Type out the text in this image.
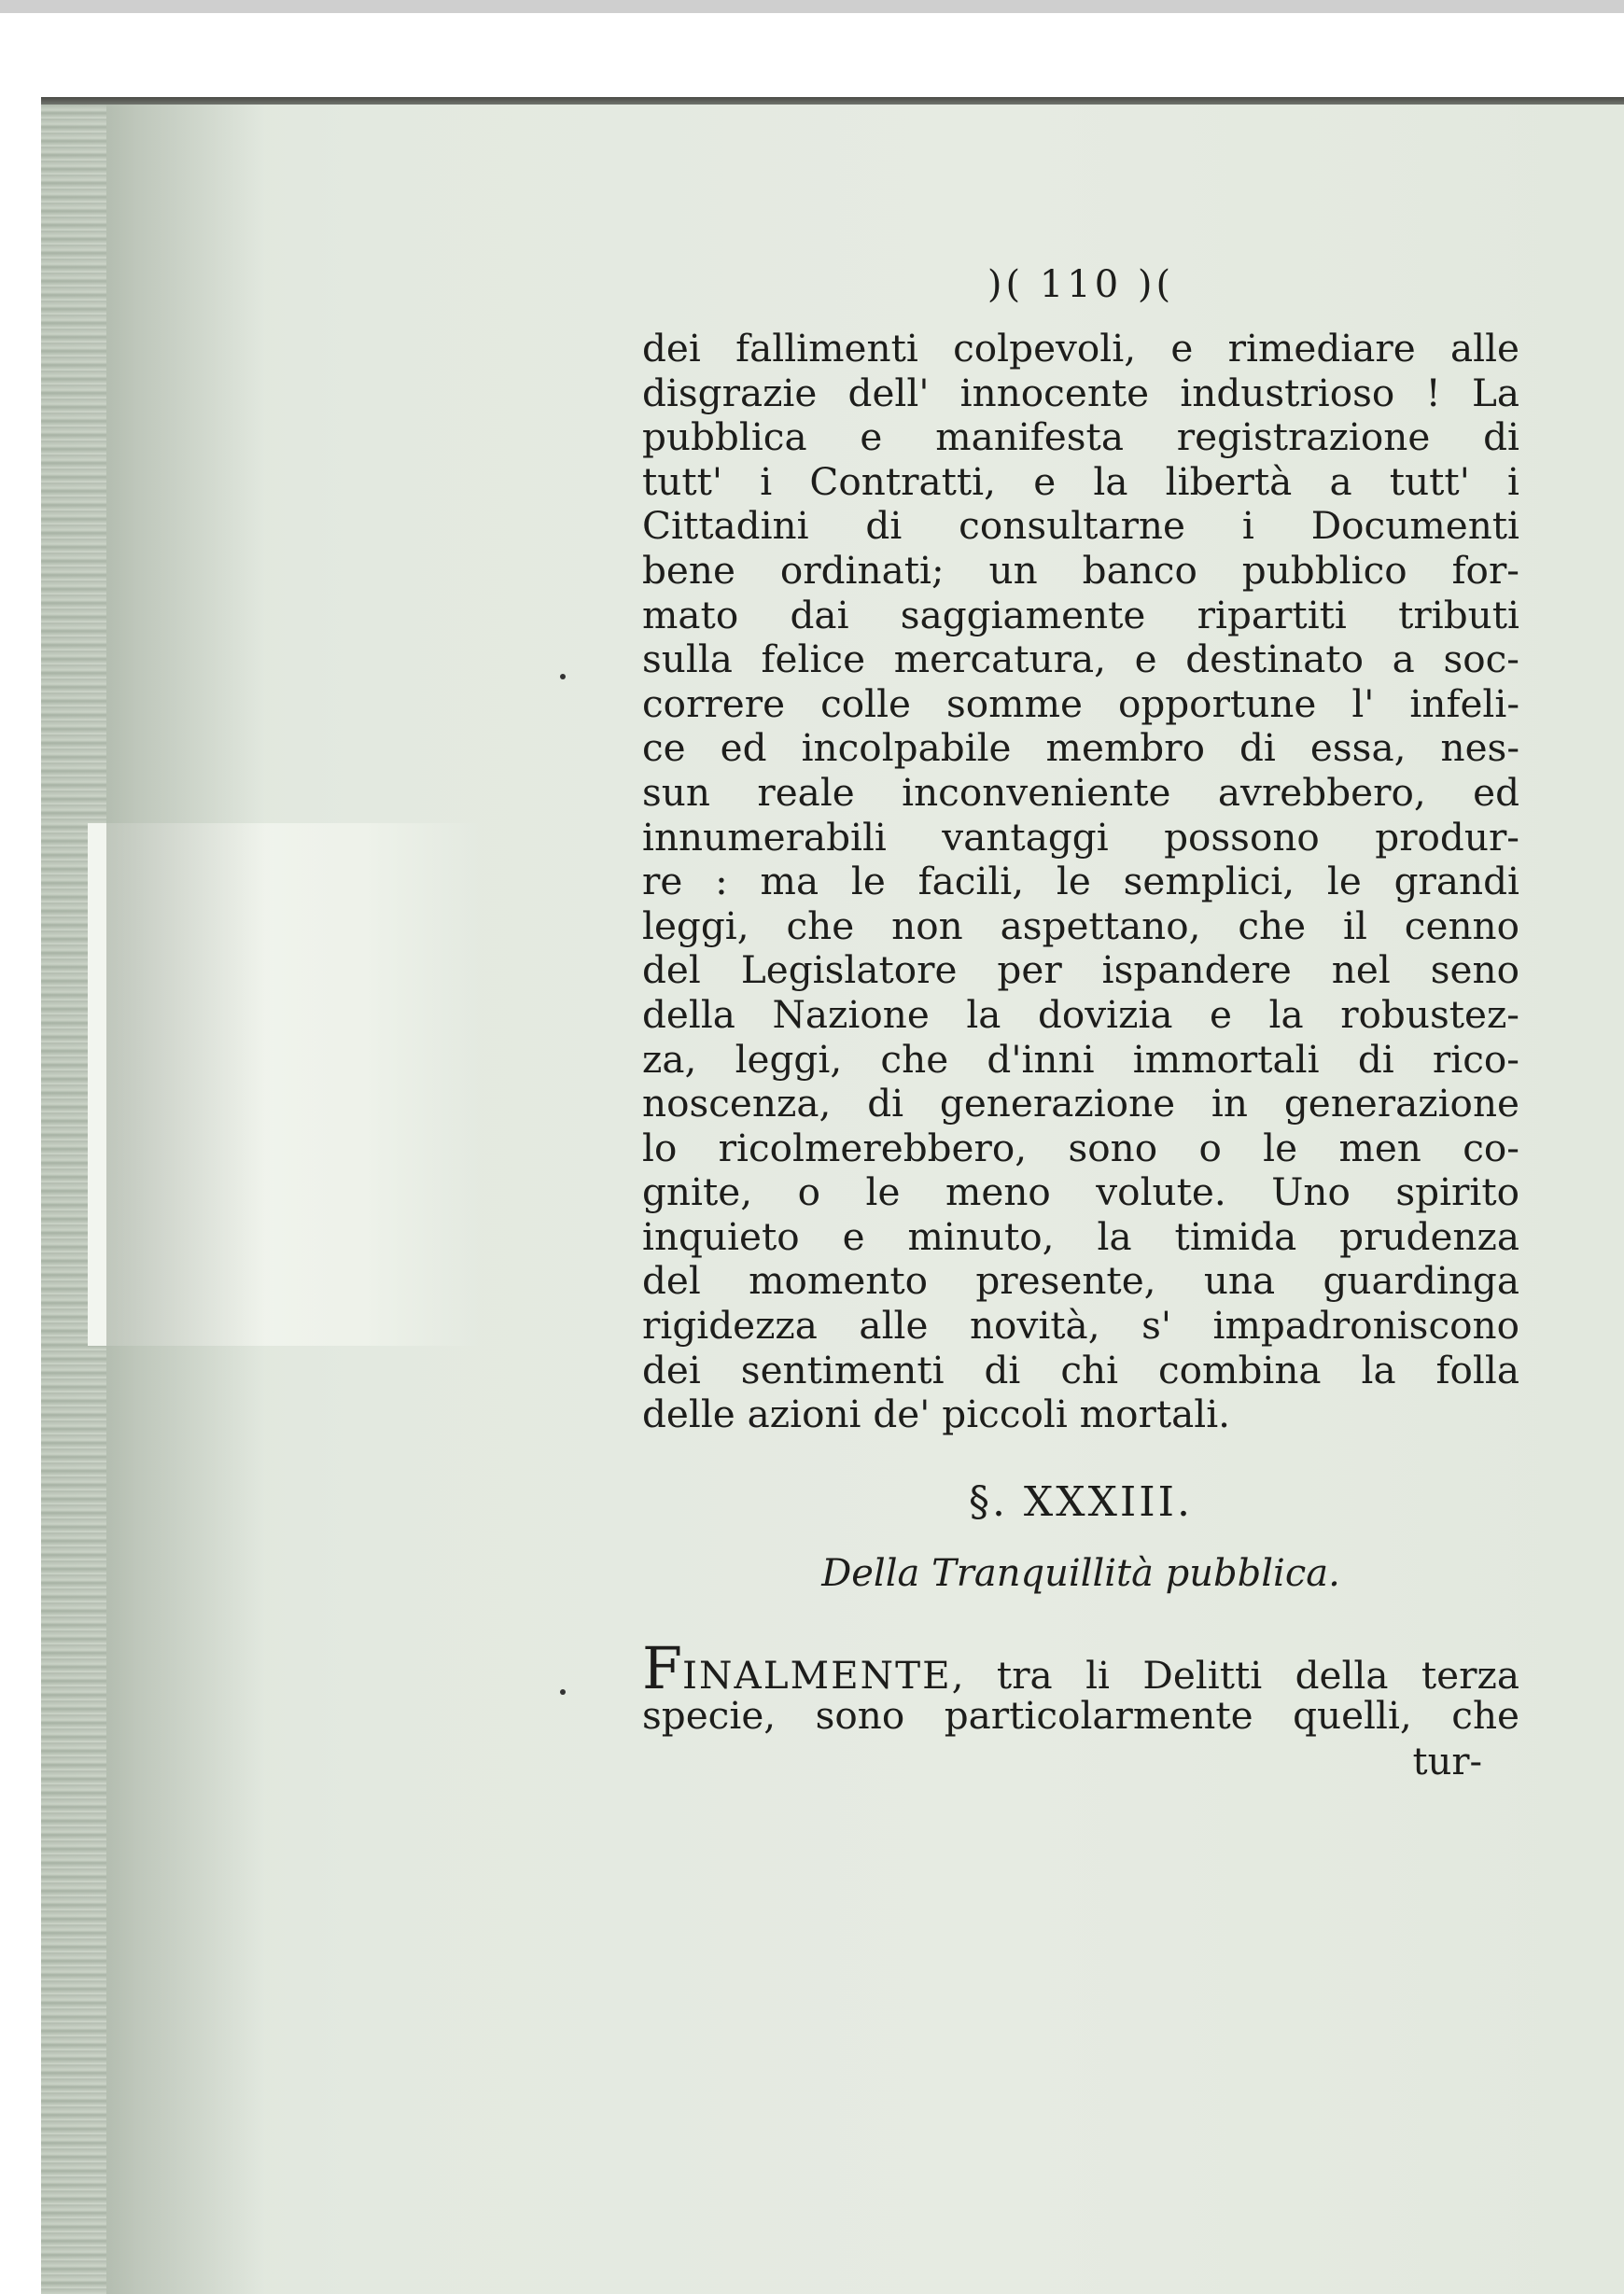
)( 110 )(
dei fallimenti colpevoli, e rimediare alle
disgrazie dell' innocente industrioso ! La
pubblica e manifesta registrazione di
tutt' i Contratti, e la libertà a tutt' i
Cittadini di consultarne i Documenti
bene ordinati; un banco pubblico for-
mato dai saggiamente ripartiti tributi
sulla felice mercatura, e destinato a soc-
correre colle somme opportune l' infeli-
ce ed incolpabile membro di essa, nes-
sun reale inconveniente avrebbero, ed
innumerabili vantaggi possono produr-
re : ma le facili, le semplici, le grandi
leggi, che non aspettano, che il cenno
del Legislatore per ispandere nel seno
della Nazione la dovizia e la robustez-
za, leggi, che d'inni immortali di rico-
noscenza, di generazione in generazione
lo ricolmerebbero, sono o le men co-
gnite, o le meno volute. Uno spirito
inquieto e minuto, la timida prudenza
del momento presente, una guardinga
rigidezza alle novità, s' impadroniscono
dei sentimenti di chi combina la folla
delle azioni de' piccoli mortali.
§. XXXIII.
Della Tranquillità pubblica.
FINALMENTE, tra li Delitti della terza
specie, sono particolarmente quelli, che
tur-
